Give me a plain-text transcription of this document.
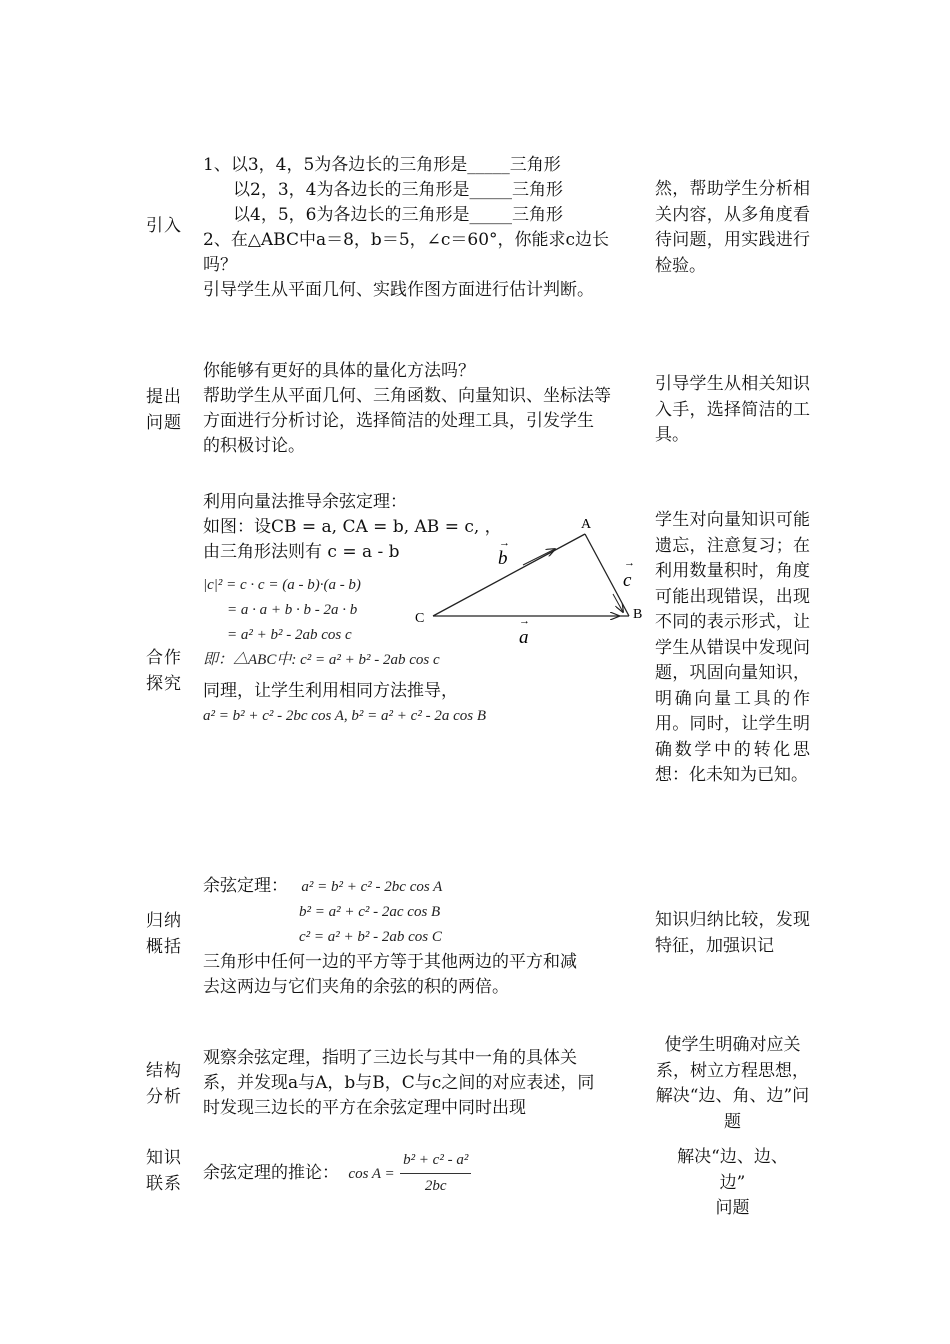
引入
1、以3，4，5为各边长的三角形是_____三角形
以2，3，4为各边长的三角形是_____三角形
以4，5，6为各边长的三角形是_____三角形
2、在△ABC中a＝8，b＝5，∠c＝60°，你能求c边长
吗？
引导学生从平面几何、实践作图方面进行估计判断。
然，帮助学生分析相关内容，从多角度看待问题，用实践进行检验。
提出问题
你能够有更好的具体的量化方法吗？
帮助学生从平面几何、三角函数、向量知识、坐标法等
方面进行分析讨论，选择简洁的处理工具，引发学生
的积极讨论。
引导学生从相关知识入手，选择简洁的工具。
合作探究
利用向量法推导余弦定理：
如图：设CB = a, CA = b, AB = c, ，
由三角形法则有 c = a - b
|c|² = c · c = (a - b)·(a - b)
= a · a + b · b - 2a · b
= a² + b² - 2ab cos c
即：△ABC中: c² = a² + b² - 2ab cos c
同理，让学生利用相同方法推导，
a² = b² + c² - 2bc cos A, b² = a² + c² - 2a cos B
A
B
C
b
→
a
→
c
→
学生对向量知识可能遗忘，注意复习；在利用数量积时，角度可能出现错误，出现不同的表示形式，让学生从错误中发现问题，巩固向量知识，明确向量工具的作用。同时，让学生明确数学中的转化思想：化未知为已知。
归纳概括
余弦定理： a² = b² + c² - 2bc cos A
b² = a² + c² - 2ac cos B
c² = a² + b² - 2ab cos C
三角形中任何一边的平方等于其他两边的平方和减
去这两边与它们夹角的余弦的积的两倍。
知识归纳比较，发现特征，加强识记
结构分析
观察余弦定理，指明了三边长与其中一角的具体关
系，并发现a与A，b与B，C与c之间的对应表述，同
时发现三边长的平方在余弦定理中同时出现
使学生明确对应关系，树立方程思想，解决“边、角、边”问题
知识联系
余弦定理的推论： $\cos A = \frac{\text{b² + c² - a²}}{2bc}$	解决“边、边、
边”
问题
